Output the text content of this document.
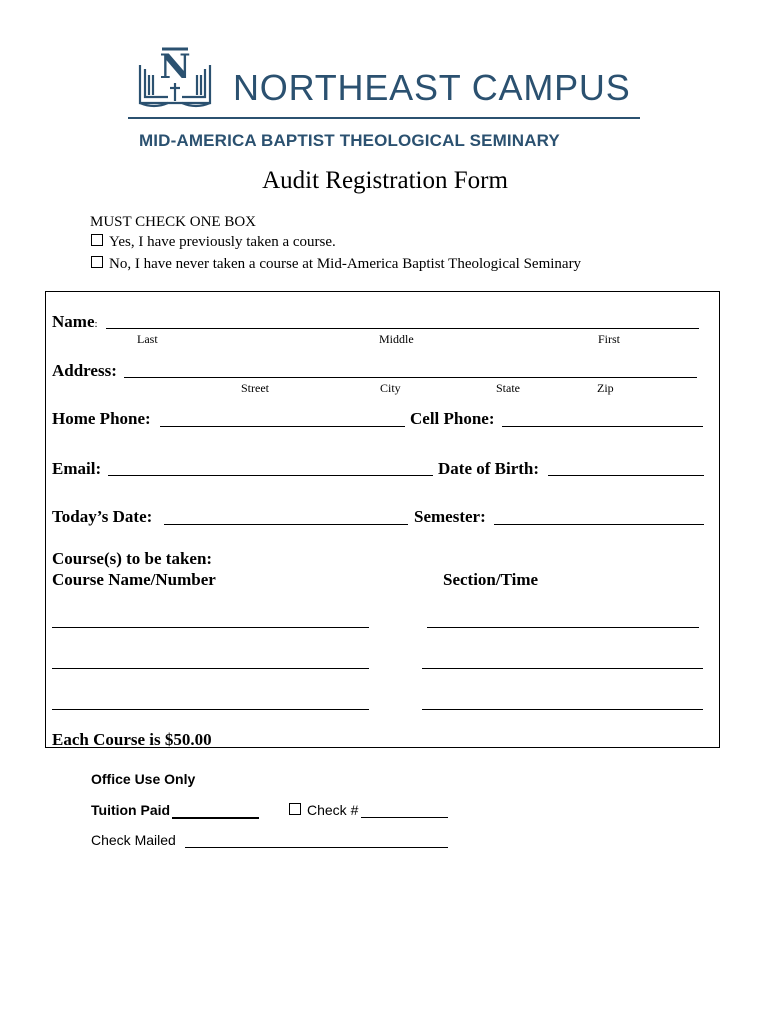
N NORTHEAST CAMPUS
MID-AMERICA BAPTIST THEOLOGICAL SEMINARY
Audit Registration Form
MUST CHECK ONE BOX
Yes, I have previously taken a course.
No, I have never taken a course at Mid-America Baptist Theological Seminary
Name:
Last	Middle	First
Address:
Street	City	State	Zip
Home Phone:	Cell Phone:
Email:	Date of Birth:
Today’s Date:	Semester:
Course(s) to be taken:
Course Name/Number	Section/Time
Each Course is $50.00
Office Use Only
Tuition Paid	Check #
Check Mailed
